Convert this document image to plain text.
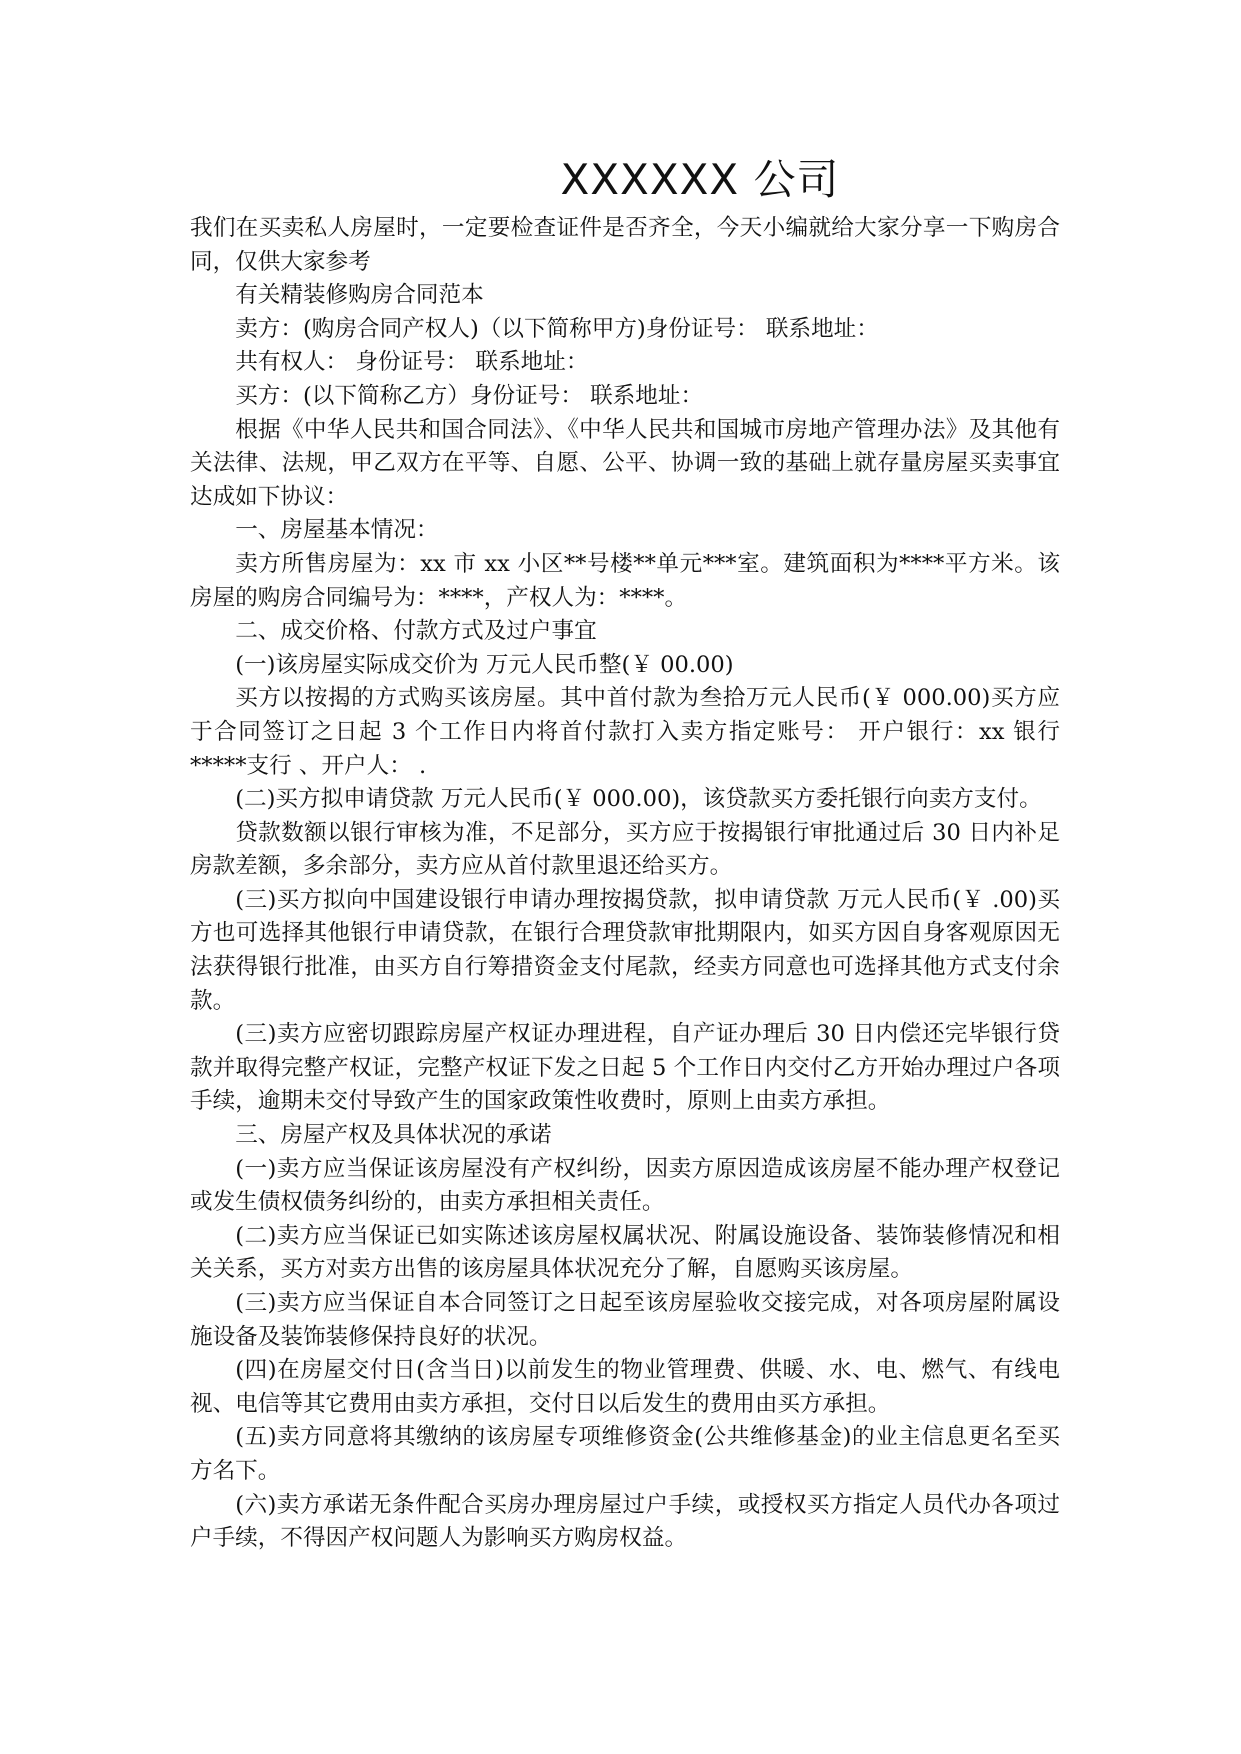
XXXXXX 公司

我们在买卖私人房屋时，一定要检查证件是否齐全，今天小编就给大家分享一下购房合同，仅供大家参考

有关精装修购房合同范本

卖方：(购房合同产权人)（以下简称甲方)身份证号： 联系地址：

共有权人： 身份证号： 联系地址：

买方：(以下简称乙方）身份证号： 联系地址：

根据《中华人民共和国合同法》、《中华人民共和国城市房地产管理办法》及其他有关法律、法规，甲乙双方在平等、自愿、公平、协调一致的基础上就存量房屋买卖事宜达成如下协议：

一、房屋基本情况：

卖方所售房屋为：xx 市 xx 小区**号楼**单元***室。建筑面积为****平方米。该房屋的购房合同编号为：****，产权人为：****。

二、成交价格、付款方式及过户事宜

(一)该房屋实际成交价为 万元人民币整(￥ 00.00)

买方以按揭的方式购买该房屋。其中首付款为叁拾万元人民币(￥ 000.00)买方应于合同签订之日起 3 个工作日内将首付款打入卖方指定账号： 开户银行：xx 银行*****支行 、开户人： .

(二)买方拟申请贷款 万元人民币(￥ 000.00)，该贷款买方委托银行向卖方支付。

贷款数额以银行审核为准，不足部分，买方应于按揭银行审批通过后 30 日内补足房款差额，多余部分，卖方应从首付款里退还给买方。

(三)买方拟向中国建设银行申请办理按揭贷款，拟申请贷款 万元人民币(￥ .00)买方也可选择其他银行申请贷款，在银行合理贷款审批期限内，如买方因自身客观原因无法获得银行批准，由买方自行筹措资金支付尾款，经卖方同意也可选择其他方式支付余款。

(三)卖方应密切跟踪房屋产权证办理进程，自产证办理后 30 日内偿还完毕银行贷款并取得完整产权证，完整产权证下发之日起 5 个工作日内交付乙方开始办理过户各项手续，逾期未交付导致产生的国家政策性收费时，原则上由卖方承担。

三、房屋产权及具体状况的承诺

(一)卖方应当保证该房屋没有产权纠纷，因卖方原因造成该房屋不能办理产权登记或发生债权债务纠纷的，由卖方承担相关责任。

(二)卖方应当保证已如实陈述该房屋权属状况、附属设施设备、装饰装修情况和相关关系，买方对卖方出售的该房屋具体状况充分了解，自愿购买该房屋。

(三)卖方应当保证自本合同签订之日起至该房屋验收交接完成，对各项房屋附属设施设备及装饰装修保持良好的状况。

(四)在房屋交付日(含当日)以前发生的物业管理费、供暖、水、电、燃气、有线电视、电信等其它费用由卖方承担，交付日以后发生的费用由买方承担。

(五)卖方同意将其缴纳的该房屋专项维修资金(公共维修基金)的业主信息更名至买方名下。

(六)卖方承诺无条件配合买房办理房屋过户手续，或授权买方指定人员代办各项过户手续，不得因产权问题人为影响买方购房权益。
